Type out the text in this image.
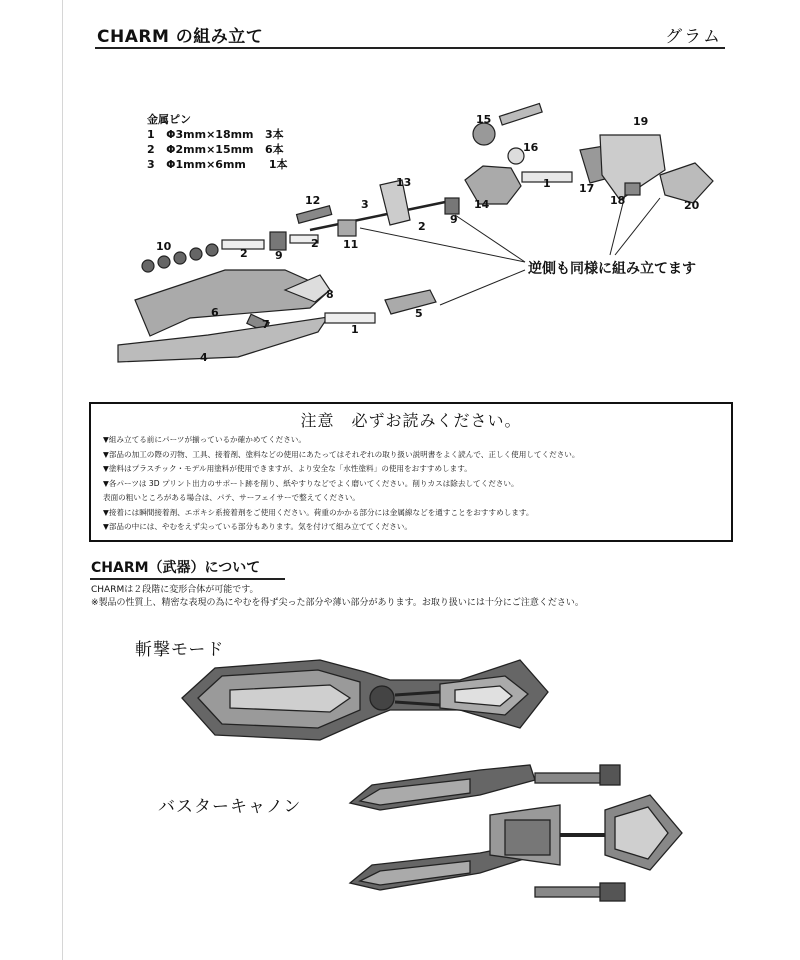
CHARM の組み立て	グラム
15
16
19
13	1	17
12	3
2
14	18	20
10
2 9
11
9
2
8
6
7
5
1
4
金属ピン
1   Φ3mm×18mm   3本
2   Φ2mm×15mm   6本
3   Φ1mm×6mm      1本
逆側も同様に組み立てます
注意　必ずお読みください。
▼組み立てる前にパーツが揃っているか確かめてください。
▼部品の加工の際の刃物、工具、接着剤、塗料などの使用にあたってはそれぞれの取り扱い説明書をよく読んで、正しく使用してください。
▼塗料はプラスチック・モデル用塗料が使用できますが、より安全な「水性塗料」の使用をおすすめします。
▼各パーツは 3D プリント出力のサポート跡を削り、紙やすりなどでよく磨いてください。削りカスは除去してください。
表面の粗いところがある場合は、パテ、サーフェイサーで整えてください。
▼接着には瞬間接着剤、エポキシ系接着剤をご使用ください。荷重のかかる部分には金属線などを通すことをおすすめします。
▼部品の中には、やむをえず尖っている部分もあります。気を付けて組み立ててください。
CHARM（武器）について
CHARMは２段階に変形合体が可能です。
※製品の性質上、精密な表現の為にやむを得ず尖った部分や薄い部分があります。お取り扱いには十分にご注意ください。
斬撃モード
バスターキャノン
